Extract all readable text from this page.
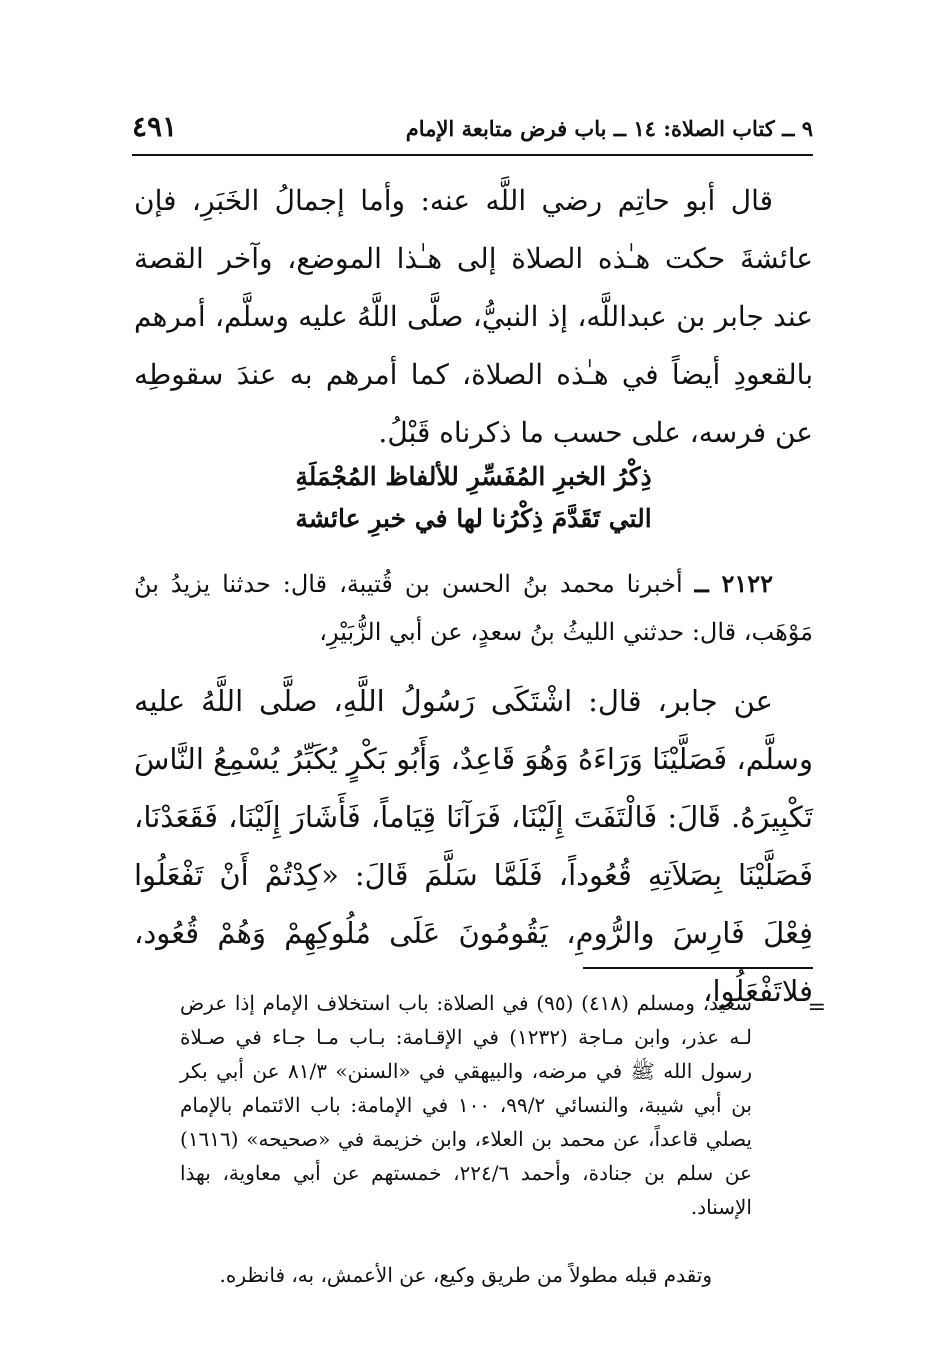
٩ ــ كتاب الصلاة: ١٤ ــ باب فرض متابعة الإمام
٤٩١

قال أبو حاتِم رضي اللَّه عنه: وأما إجمالُ الخَبَرِ، فإن عائشةَ حكت هـٰذه الصلاة إلى هـٰذا الموضع، وآخر القصة عند جابر بن عبداللَّه، إذ النبيُّ، صلَّى اللَّهُ عليه وسلَّم، أمرهم بالقعودِ أيضاً في هـٰذه الصلاة، كما أمرهم به عندَ سقوطِه عن فرسه، على حسب ما ذكرناه قَبْلُ.

ذِكْرُ الخبرِ المُفَسِّرِ للألفاظ المُجْمَلَةِ
التي تَقَدَّمَ ذِكْرُنا لها في خبرِ عائشة

٢١٢٢ ــ أخبرنا محمد بنُ الحسن بن قُتيبة، قال: حدثنا يزيدُ بنُ مَوْهَب، قال: حدثني الليثُ بنُ سعدٍ، عن أبي الزُّبَيْرِ،

عن جابر، قال: اشْتَكَى رَسُولُ اللَّهِ، صلَّى اللَّهُ عليه وسلَّم، فَصَلَّيْنَا وَرَاءَهُ وَهُوَ قَاعِدٌ، وَأَبُو بَكْرٍ يُكَبِّرُ يُسْمِعُ النَّاسَ تَكْبِيرَهُ. قَالَ: فَالْتَفَتَ إِلَيْنَا، فَرَآنَا قِيَاماً، فَأَشَارَ إِلَيْنَا، فَقَعَدْنَا، فَصَلَّيْنَا بِصَلاَتِهِ قُعُوداً، فَلَمَّا سَلَّمَ قَالَ: «كِدْتُمْ أَنْ تَفْعَلُوا فِعْلَ فَارِسَ والرُّومِ، يَقُومُونَ عَلَى مُلُوكِهِمْ وَهُمْ قُعُود، فلاتَفْعَلُوا،

=

سعيد، ومسلم (٤١٨) (٩٥) في الصلاة: باب استخلاف الإمام إذا عرض لـه عذر، وابن مـاجة (١٢٣٢) في الإقـامة: بـاب مـا جـاء في صـلاة رسول الله ﷺ في مرضه، والبيهقي في «السنن» ٨١/٣ عن أبي بكر بن أبي شيبة، والنسائي ٩٩/٢، ١٠٠ في الإمامة: باب الائتمام بالإمام يصلي قاعداً، عن محمد بن العلاء، وابن خزيمة في «صحيحه» (١٦١٦) عن سلم بن جنادة، وأحمد ٢٢٤/٦، خمستهم عن أبي معاوية، بهذا الإسناد.

وتقدم قبله مطولاً من طريق وكيع، عن الأعمش، به، فانظره.
